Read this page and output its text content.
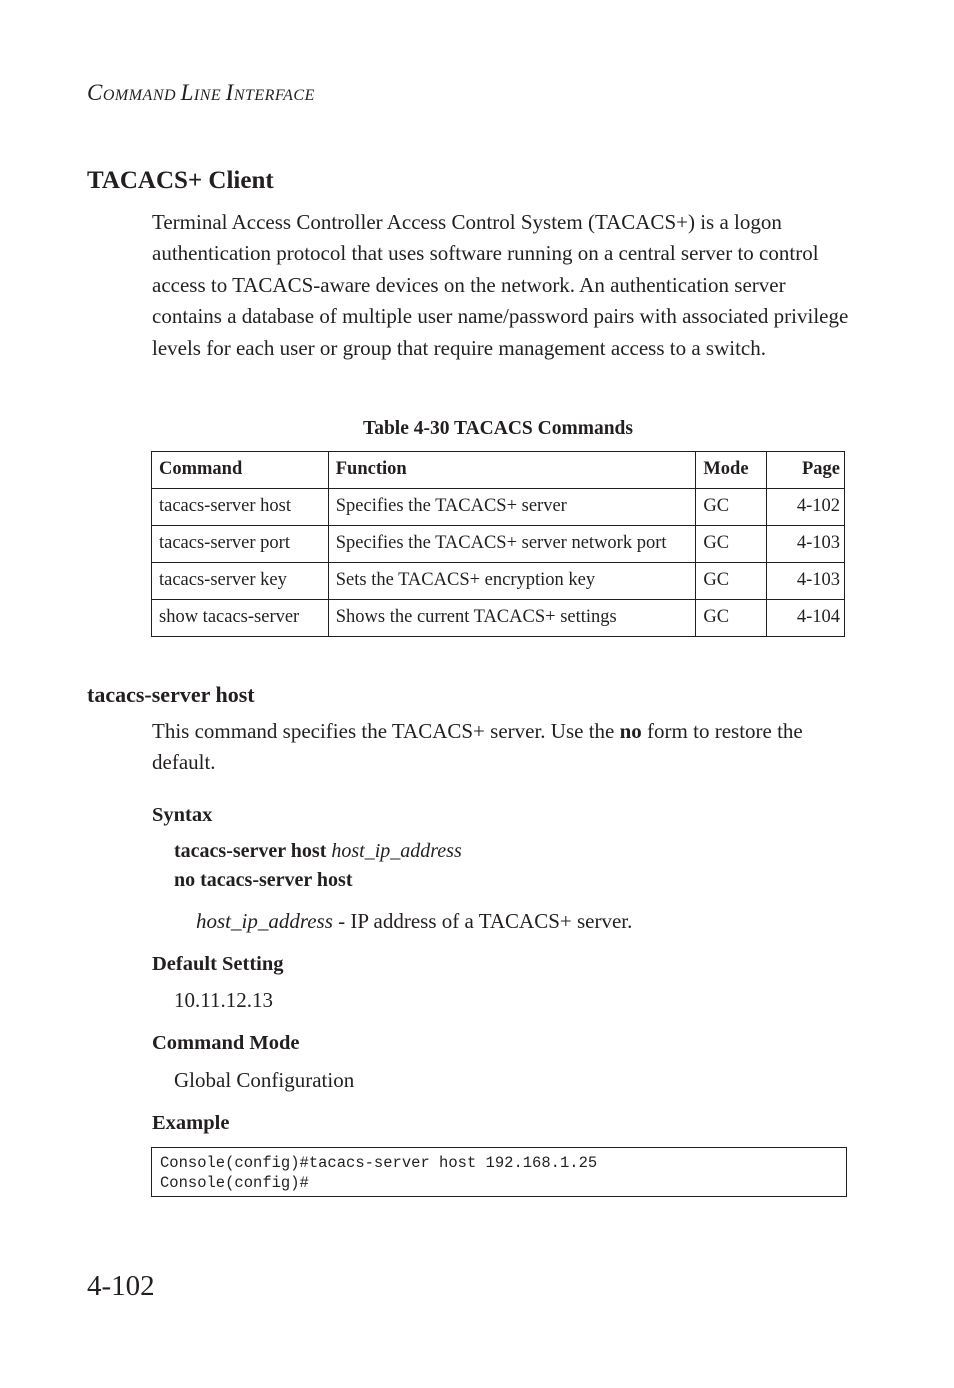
COMMAND LINE INTERFACE
TACACS+ Client
Terminal Access Controller Access Control System (TACACS+) is a logon authentication protocol that uses software running on a central server to control access to TACACS-aware devices on the network. An authentication server contains a database of multiple user name/password pairs with associated privilege levels for each user or group that require management access to a switch.
Table 4-30 TACACS Commands
Command	Function	Mode	Page
tacacs-server host	Specifies the TACACS+ server	GC	4-102
tacacs-server port	Specifies the TACACS+ server network port	GC	4-103
tacacs-server key	Sets the TACACS+ encryption key	GC	4-103
show tacacs-server	Shows the current TACACS+ settings	GC	4-104
tacacs-server host
This command specifies the TACACS+ server. Use the no form to restore the default.
Syntax
tacacs-server host host_ip_address
no tacacs-server host
host_ip_address - IP address of a TACACS+ server.
Default Setting
10.11.12.13
Command Mode
Global Configuration
Example
Console(config)#tacacs-server host 192.168.1.25
Console(config)#
4-102
